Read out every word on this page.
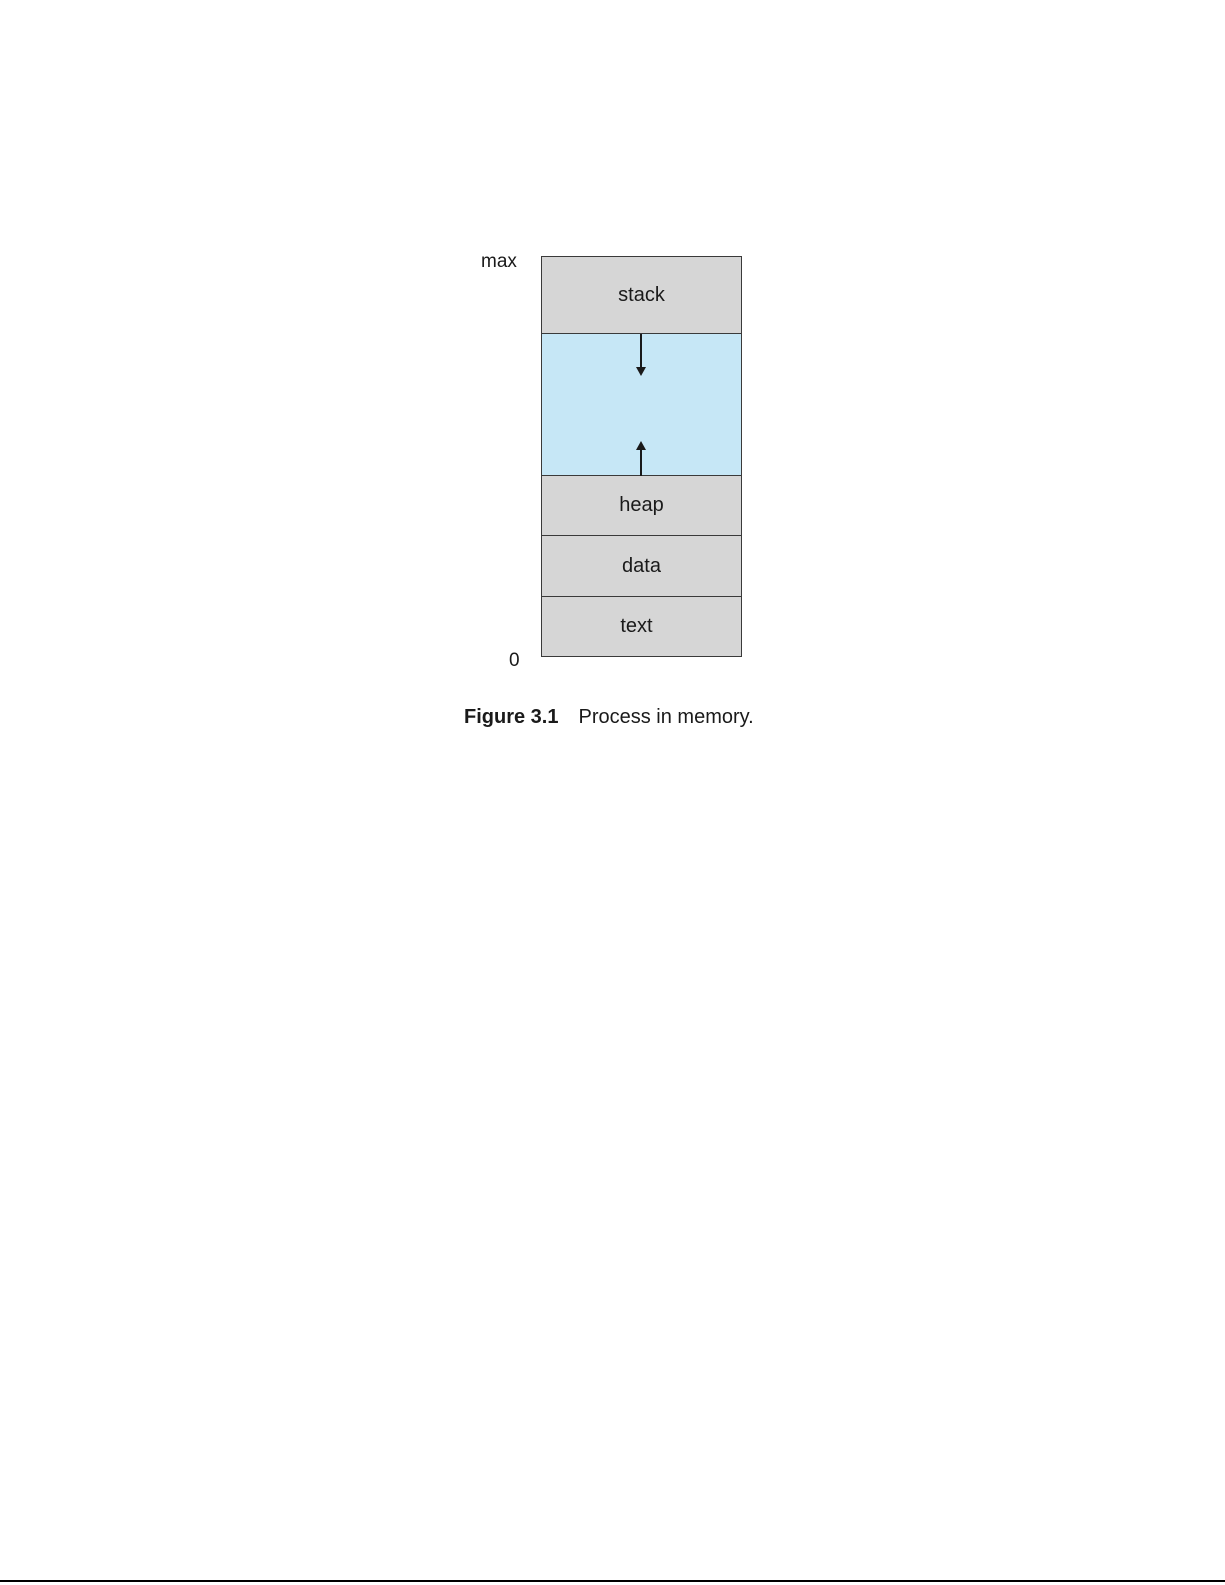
max
0
stack
heap
data
text
Figure 3.1 Process in memory.
